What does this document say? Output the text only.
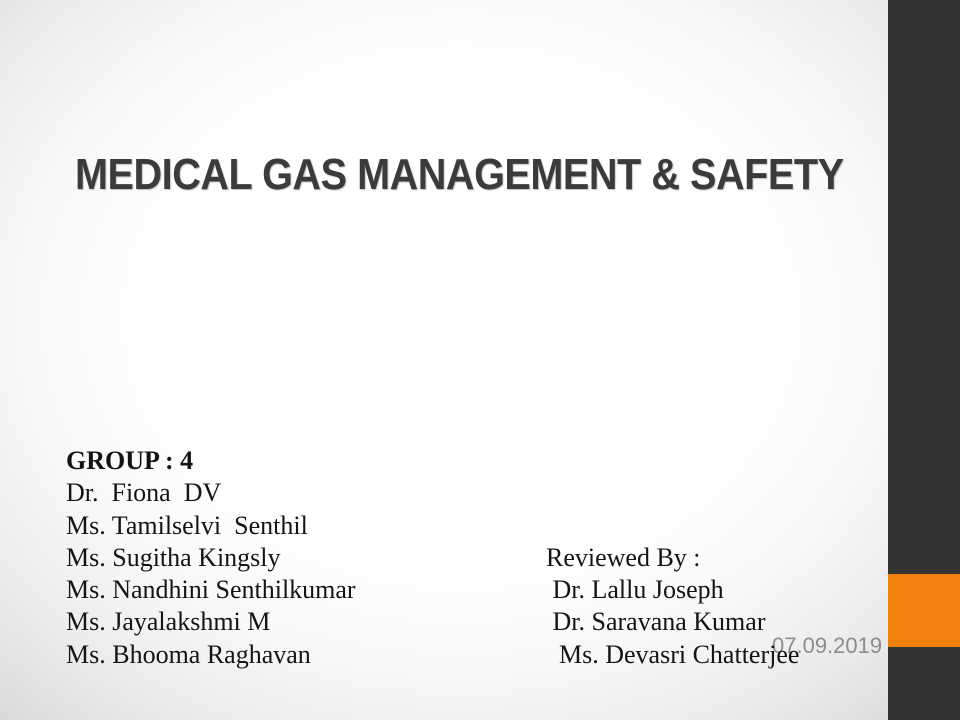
MEDICAL GAS MANAGEMENT & SAFETY
GROUP : 4
Dr.  Fiona  DV
Ms. Tamilselvi  Senthil
Ms. Sugitha Kingsly	Reviewed By :
Ms. Nandhini Senthilkumar	Dr. Lallu Joseph
Ms. Jayalakshmi M	Dr. Saravana Kumar
Ms. Bhooma Raghavan	Ms. Devasri Chatterjee
07.09.2019
